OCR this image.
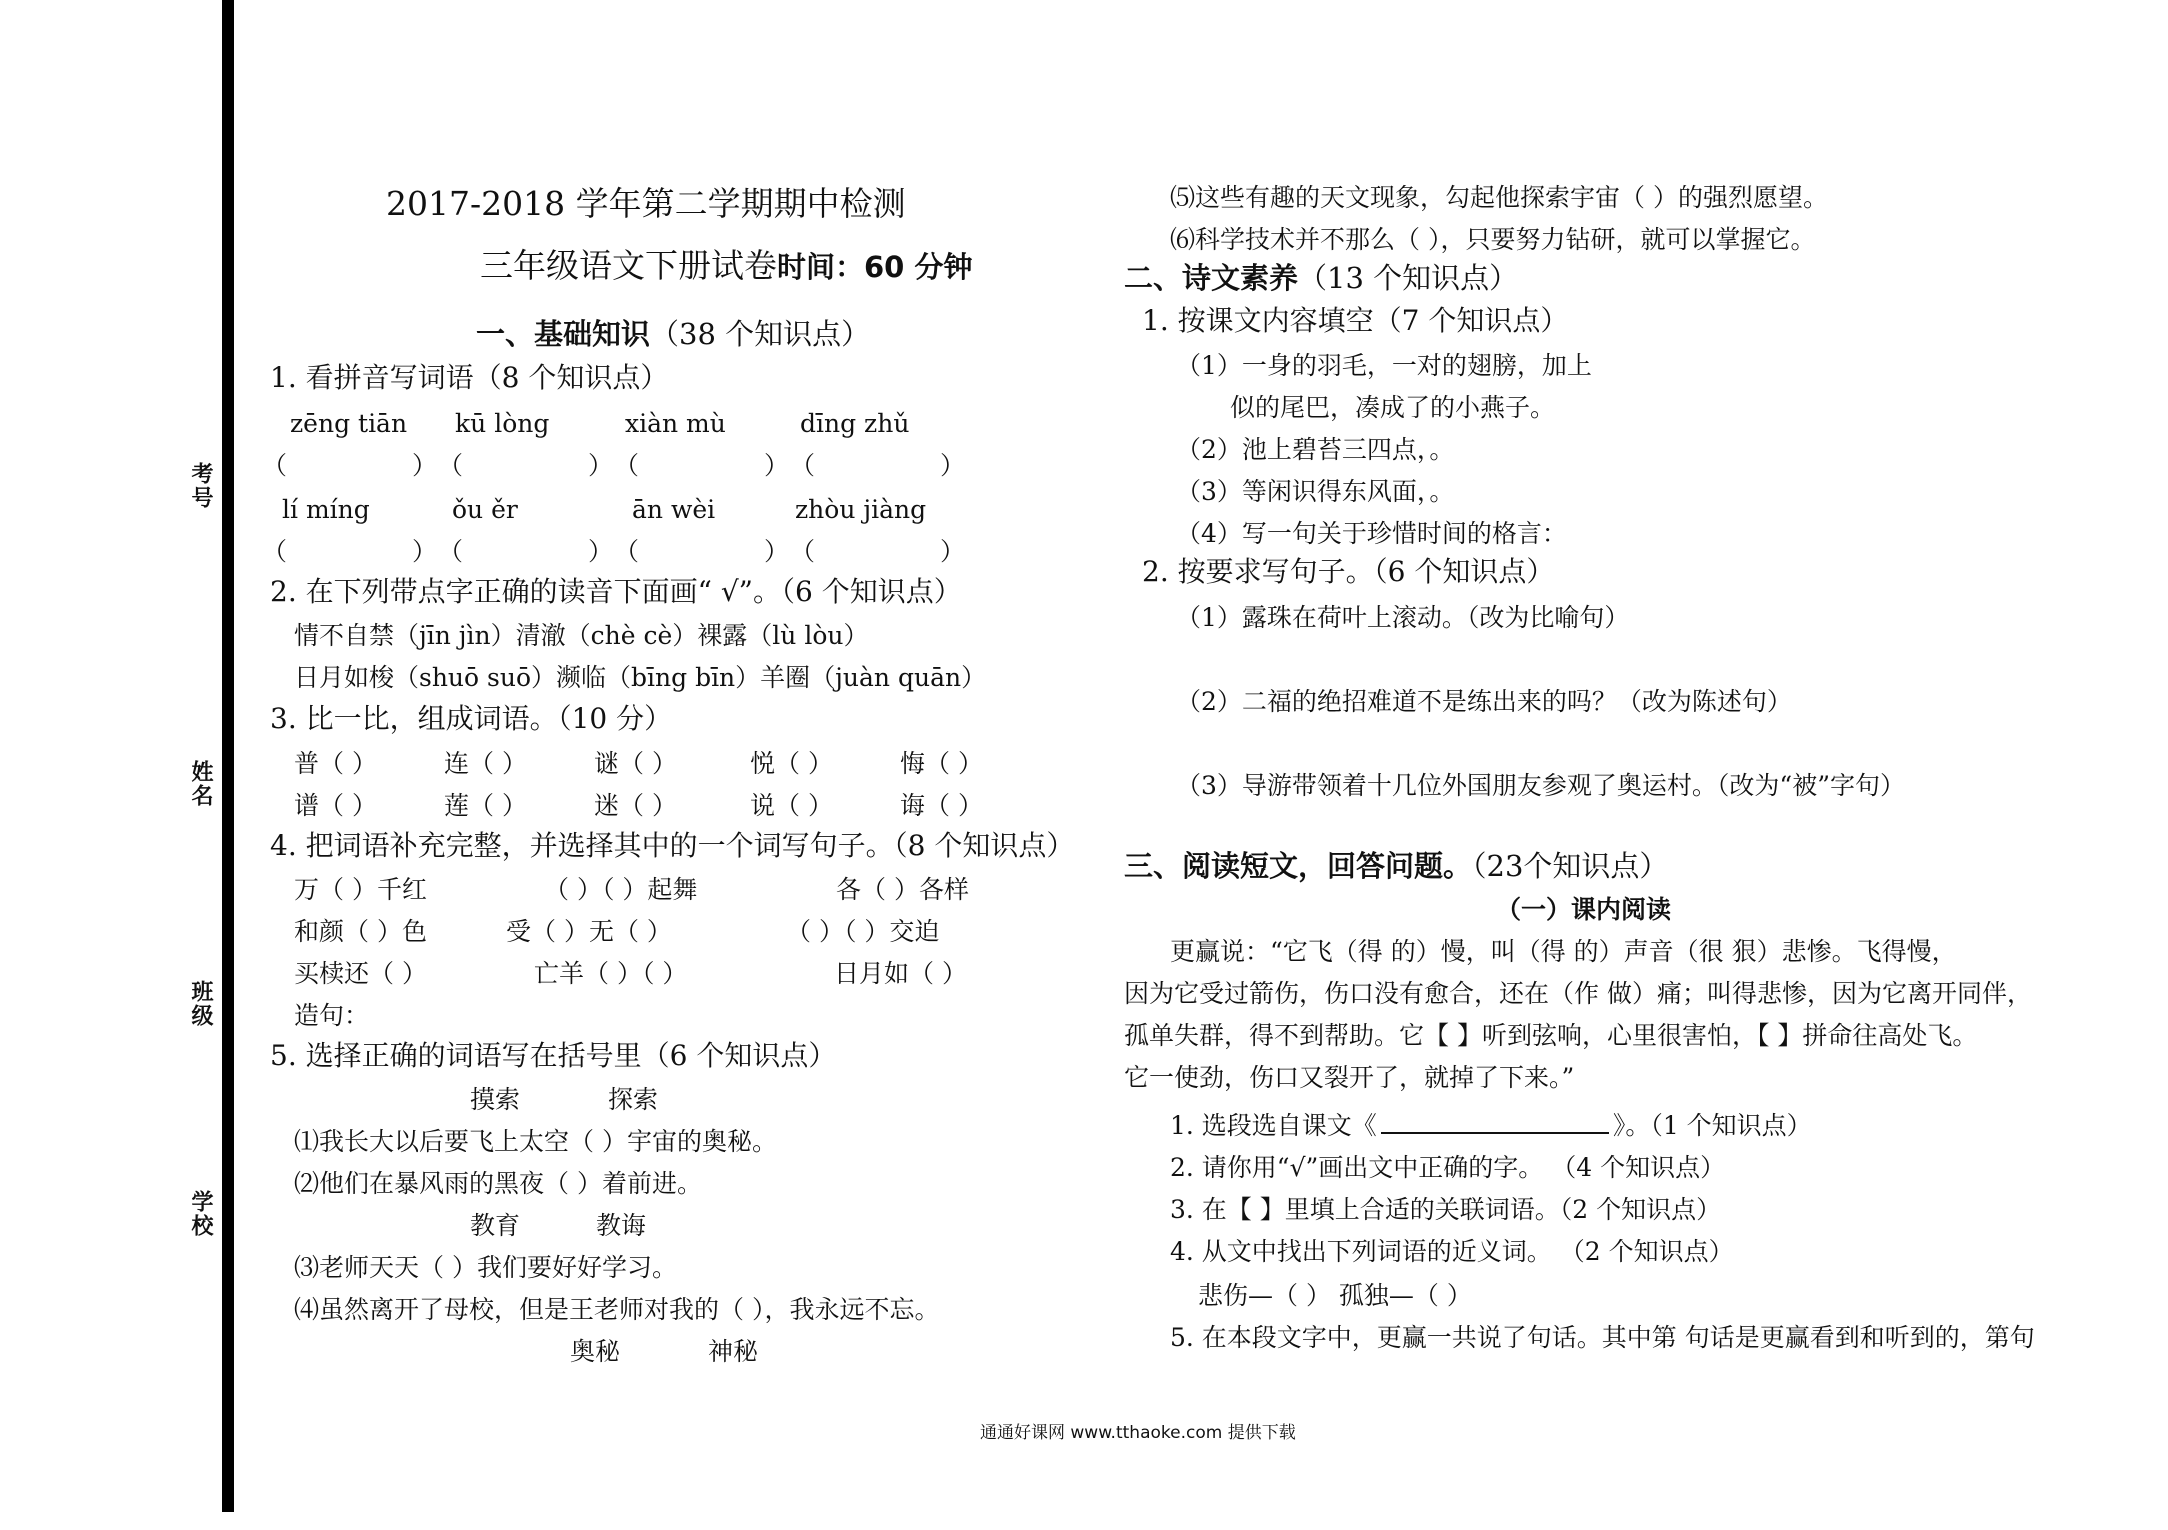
考号
姓名
班级
学校
2017-2018 学年第二学期期中检测
三年级语文下册试卷时间：60 分钟
一、基础知识（38 个知识点）
1. 看拼音写词语（8 个知识点）
zēng tiān kū lòng	xiàn mù	dīng zhǔ
（　　　　　） （　　　　　） （　　　　　） （　　　　　）
lí míng	ǒu ěr	ān wèi	zhòu jiàng
（　　　　　） （　　　　　） （　　　　　） （　　　　　）
2. 在下列带点字正确的读音下面画“ √”。（6 个知识点）
情不自禁（jīn jìn）清澈（chè cè）裸露（lù lòu）
日月如梭（shuō suō）濒临（bīng bīn）羊圈（juàn quān）
3. 比一比，组成词语。（10 分）
普（ ）	连（ ）	谜（ ）	悦（ ）	悔（ ）
谱（ ）	莲（ ）	迷（ ）	说（ ）	诲（ ）
4. 把词语补充完整，并选择其中的一个词写句子。（8 个知识点）
万（ ）千红	（ ）（ ）起舞	各（ ）各样
和颜（ ）色	受（ ）无（ ）	（ ）（ ）交迫
买椟还（ ）	亡羊（ ）（ ）	日月如（ ）
造句：
5. 选择正确的词语写在括号里（6 个知识点）
摸索	探索
⑴我长大以后要飞上太空（ ）宇宙的奥秘。
⑵他们在暴风雨的黑夜（ ）着前进。
教育	教诲
⑶老师天天（ ）我们要好好学习。
⑷虽然离开了母校，但是王老师对我的（ ），我永远不忘。
奥秘	神秘
⑸这些有趣的天文现象，勾起他探索宇宙（ ）的强烈愿望。
⑹科学技术并不那么（ ），只要努力钻研，就可以掌握它。
二、诗文素养（13 个知识点）
1. 按课文内容填空（7 个知识点）
（1）一身的羽毛，一对的翅膀，加上
似的尾巴，凑成了的小燕子。
（2）池上碧苔三四点，。
（3）等闲识得东风面，。
（4）写一句关于珍惜时间的格言：
2. 按要求写句子。（6 个知识点）
（1）露珠在荷叶上滚动。（改为比喻句）
（2）二福的绝招难道不是练出来的吗？（改为陈述句）
（3）导游带领着十几位外国朋友参观了奥运村。（改为“被”字句）
三、阅读短文，回答问题。（23个知识点）
（一）课内阅读
更赢说：“它飞（得 的）慢，叫（得 的）声音（很 狠）悲惨。飞得慢，
因为它受过箭伤，伤口没有愈合，还在（作 做）痛；叫得悲惨，因为它离开同伴，
孤单失群，得不到帮助。它【 】听到弦响，心里很害怕，【 】拼命往高处飞。
它一使劲，伤口又裂开了，就掉了下来。”
1. 选段选自课文《	》。（1 个知识点）
2. 请你用“√”画出文中正确的字。 （4 个知识点）
3. 在【 】里填上合适的关联词语。（2 个知识点）
4. 从文中找出下列词语的近义词。 （2 个知识点）
悲伤—（ ） 孤独—（ ）
5. 在本段文字中，更赢一共说了句话。其中第 句话是更赢看到和听到的，第句
通通好课网 www.tthaoke.com 提供下载
